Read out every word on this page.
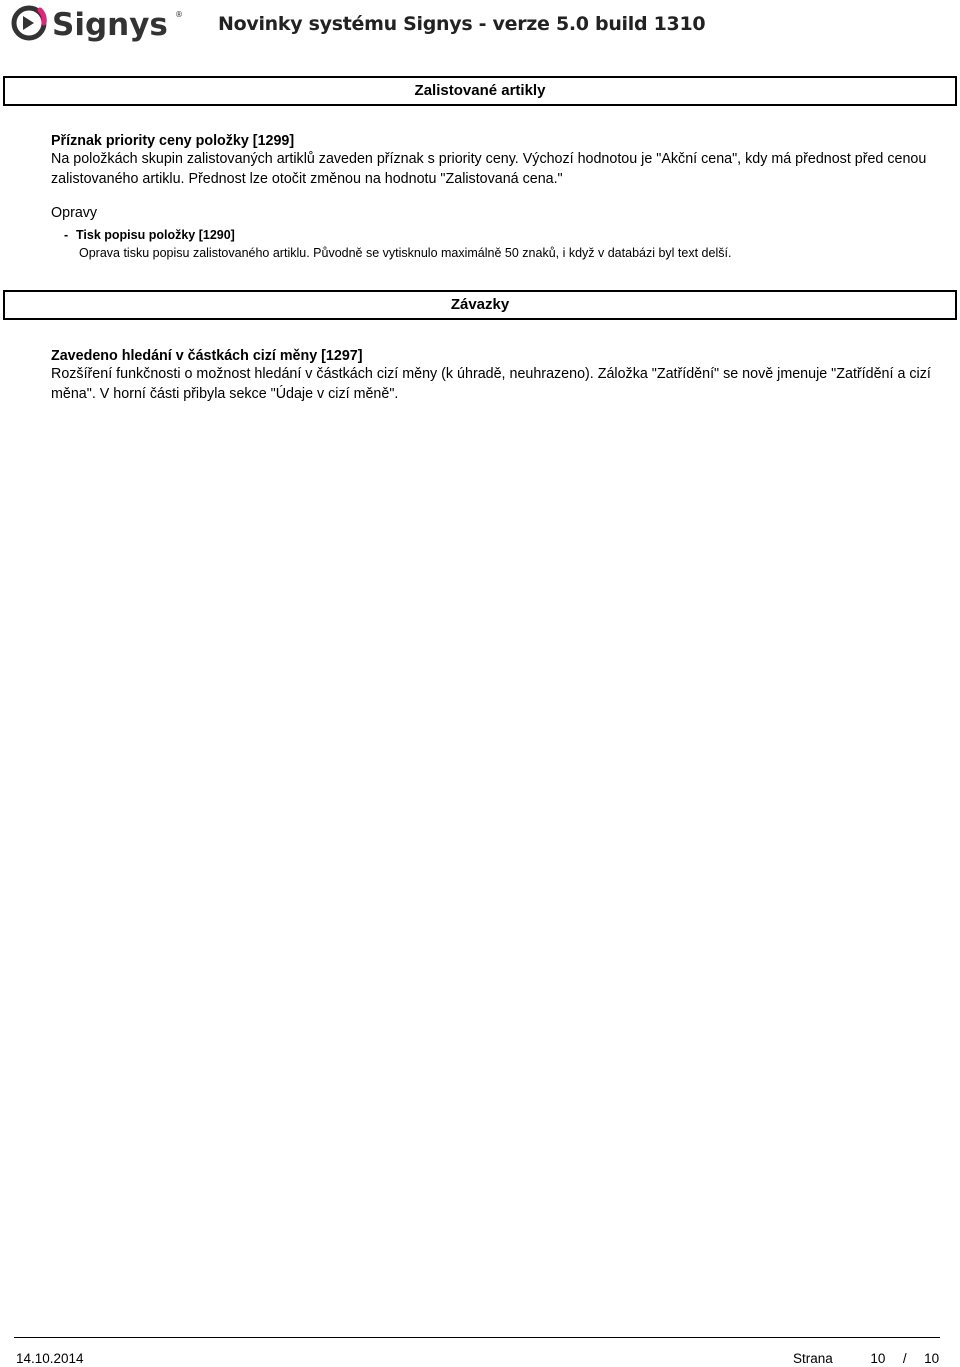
Signys ® Novinky systému Signys - verze 5.0 build 1310
Zalistované artikly
Příznak priority ceny položky [1299]
Na položkách skupin zalistovaných artiklů zaveden příznak s priority ceny. Výchozí hodnotou je "Akční cena", kdy má přednost před cenou zalistovaného artiklu. Přednost lze otočit změnou na hodnotu "Zalistovaná cena."
Opravy
- Tisk popisu položky [1290]
Oprava tisku popisu zalistovaného artiklu. Původně se vytisknulo maximálně 50 znaků, i když v databázi byl text delší.
Závazky
Zavedeno hledání v částkách cizí měny [1297]
Rozšíření funkčnosti o možnost hledání v částkách cizí měny (k úhradě, neuhrazeno). Záložka "Zatřídění" se nově jmenuje "Zatřídění a cizí měna". V horní části přibyla sekce "Údaje v cizí měně".
14.10.2014	Strana	10 / 10
